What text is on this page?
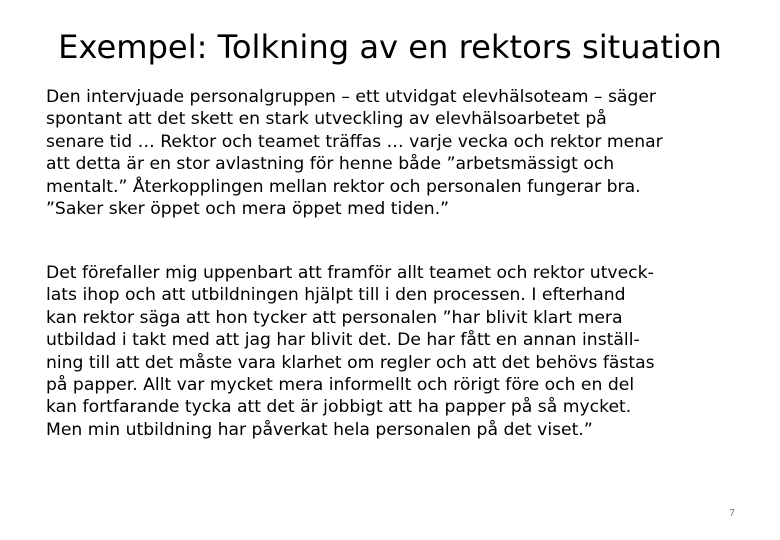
Exempel: Tolkning av en rektors situation
Den intervjuade personalgruppen – ett utvidgat elevhälsoteam – säger
spontant att det skett en stark utveckling av elevhälsoarbetet på
senare tid … Rektor och teamet träffas … varje vecka och rektor menar
att detta är en stor avlastning för henne både ”arbetsmässigt och
mentalt.” Återkopplingen mellan rektor och personalen fungerar bra.
”Saker sker öppet och mera öppet med tiden.”
Det förefaller mig uppenbart att framför allt teamet och rektor utveck-
lats ihop och att utbildningen hjälpt till i den processen. I efterhand
kan rektor säga att hon tycker att personalen ”har blivit klart mera
utbildad i takt med att jag har blivit det. De har fått en annan inställ-
ning till att det måste vara klarhet om regler och att det behövs fästas
på papper. Allt var mycket mera informellt och rörigt före och en del
kan fortfarande tycka att det är jobbigt att ha papper på så mycket.
Men min utbildning har påverkat hela personalen på det viset.”
7
